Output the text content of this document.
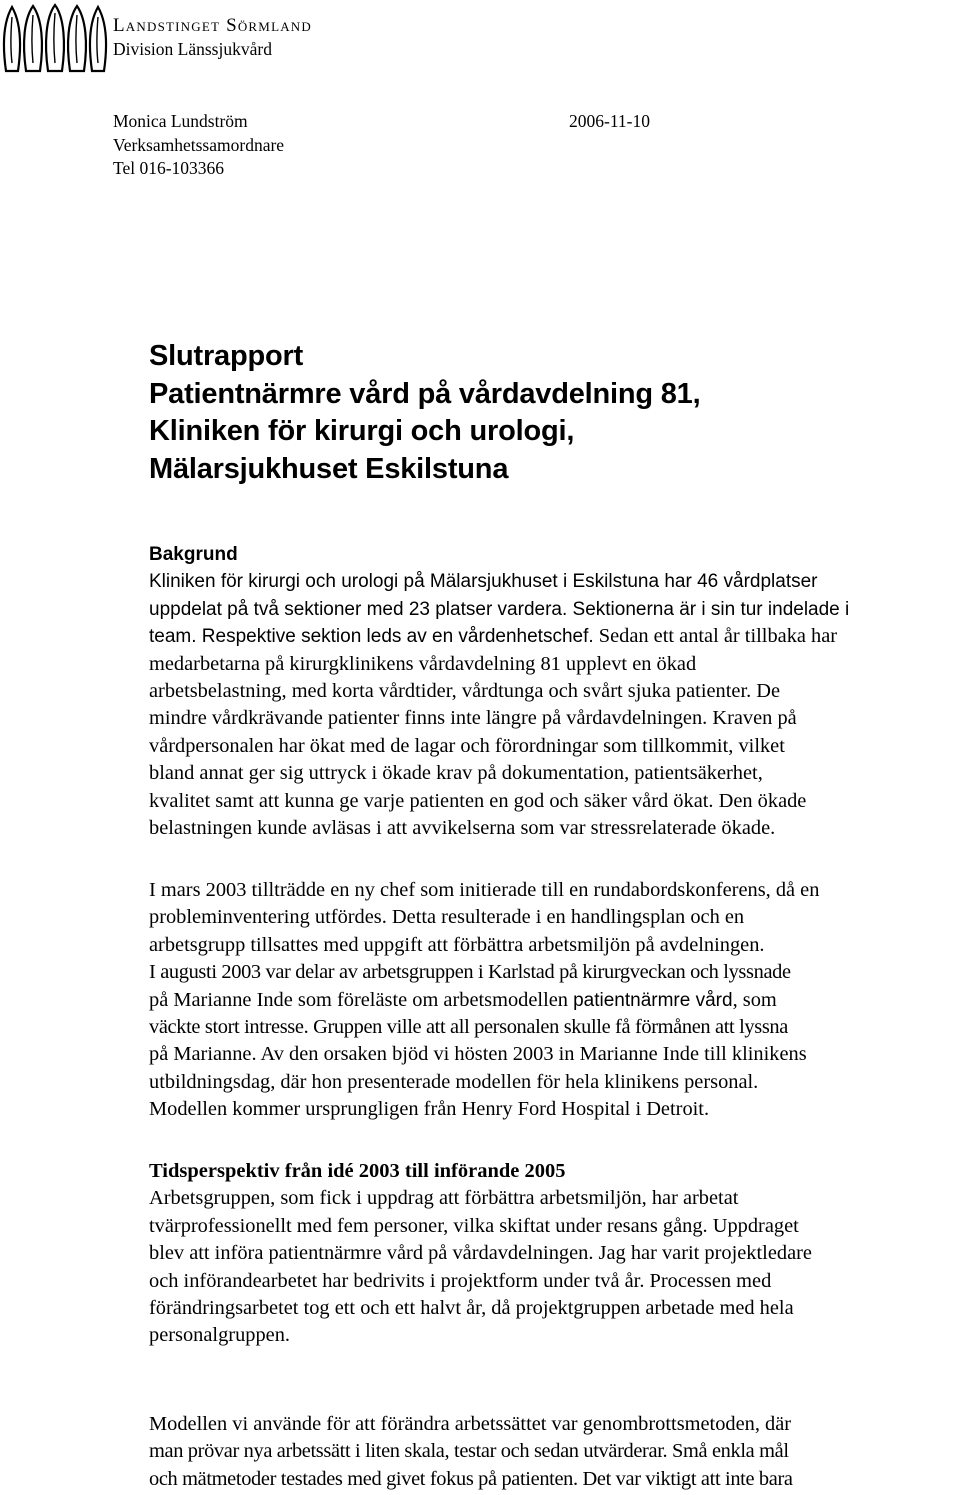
Landstinget Sörmland
Division Länssjukvård
Monica Lundström
Verksamhetssamordnare
Tel 016-103366
2006-11-10
Slutrapport
Patientnärmre vård på vårdavdelning 81,
Kliniken för kirurgi och urologi,
Mälarsjukhuset Eskilstuna
Bakgrund
Kliniken för kirurgi och urologi på Mälarsjukhuset i Eskilstuna har 46 vårdplatser
uppdelat på två sektioner med 23 platser vardera. Sektionerna är i sin tur indelade i
team. Respektive sektion leds av en vårdenhetschef. Sedan ett antal år tillbaka har
medarbetarna på kirurgklinikens vårdavdelning 81 upplevt en ökad
arbetsbelastning, med korta vårdtider, vårdtunga och svårt sjuka patienter. De
mindre vårdkrävande patienter finns inte längre på vårdavdelningen. Kraven på
vårdpersonalen har ökat med de lagar och förordningar som tillkommit, vilket
bland annat ger sig uttryck i ökade krav på dokumentation, patientsäkerhet,
kvalitet samt att kunna ge varje patienten en god och säker vård ökat. Den ökade
belastningen kunde avläsas i att avvikelserna som var stressrelaterade ökade.
I mars 2003 tillträdde en ny chef som initierade till en rundabordskonferens, då en
probleminventering utfördes. Detta resulterade i en handlingsplan och en
arbetsgrupp tillsattes med uppgift att förbättra arbetsmiljön på avdelningen.
I augusti 2003 var delar av arbetsgruppen i Karlstad på kirurgveckan och lyssnade
på Marianne Inde som föreläste om arbetsmodellen patientnärmre vård, som
väckte stort intresse. Gruppen ville att all personalen skulle få förmånen att lyssna
på Marianne. Av den orsaken bjöd vi hösten 2003 in Marianne Inde till klinikens
utbildningsdag, där hon presenterade modellen för hela klinikens personal.
Modellen kommer ursprungligen från Henry Ford Hospital i Detroit.
Tidsperspektiv från idé 2003 till införande 2005
Arbetsgruppen, som fick i uppdrag att förbättra arbetsmiljön, har arbetat
tvärprofessionellt med fem personer, vilka skiftat under resans gång. Uppdraget
blev att införa patientnärmre vård på vårdavdelningen. Jag har varit projektledare
och införandearbetet har bedrivits i projektform under två år. Processen med
förändringsarbetet tog ett och ett halvt år, då projektgruppen arbetade med hela
personalgruppen.
Modellen vi använde för att förändra arbetssättet var genombrottsmetoden, där
man prövar nya arbetssätt i liten skala, testar och sedan utvärderar. Små enkla mål
och mätmetoder testades med givet fokus på patienten. Det var viktigt att inte bara
